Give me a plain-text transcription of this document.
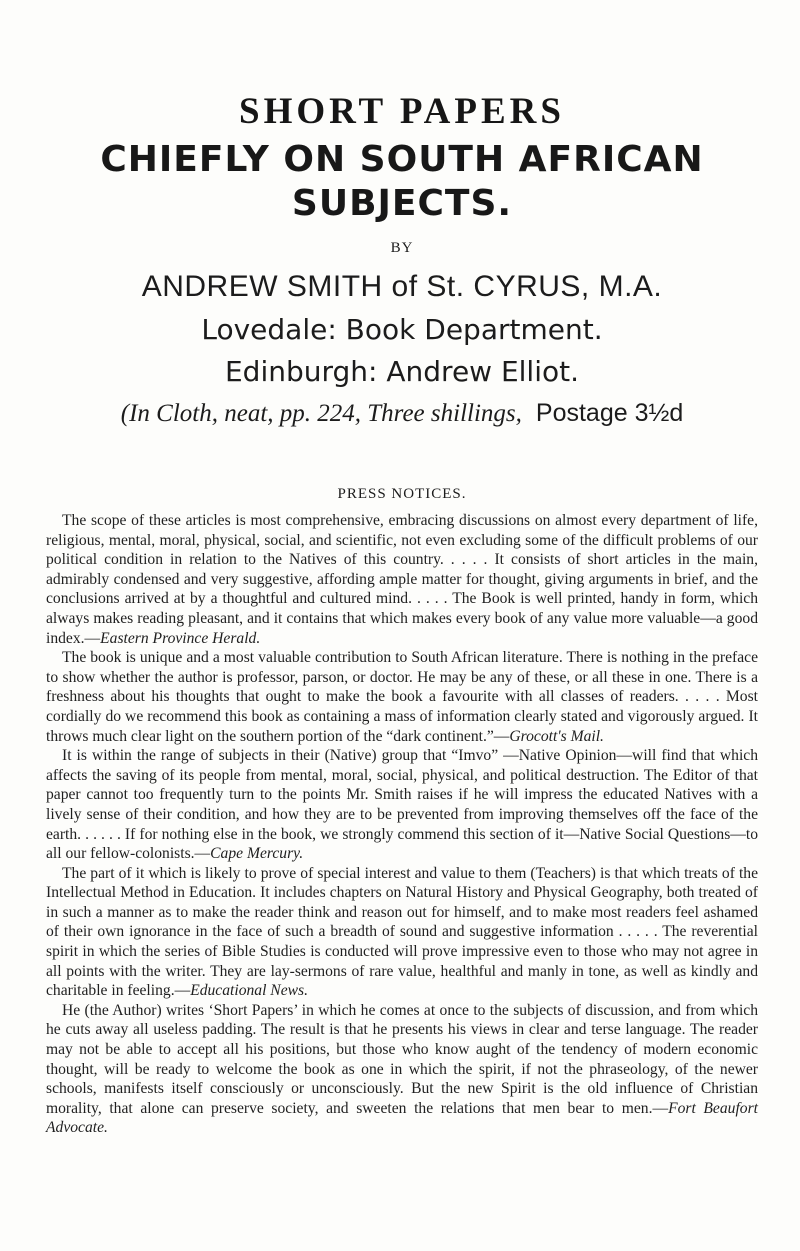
SHORT PAPERS
CHIEFLY ON SOUTH AFRICAN SUBJECTS.
BY
ANDREW SMITH of St. CYRUS, M.A.
Lovedale: Book Department.
Edinburgh: Andrew Elliot.
(In Cloth, neat, pp. 224, Three shillings, Postage 3½d
PRESS NOTICES.

The scope of these articles is most comprehensive, embracing discussions on almost every department of life, religious, mental, moral, physical, social, and scientific, not even excluding some of the difficult problems of our political condition in relation to the Natives of this country. . . . . It consists of short articles in the main, admirably condensed and very suggestive, affording ample matter for thought, giving arguments in brief, and the conclusions arrived at by a thoughtful and cultured mind. . . . . The Book is well printed, handy in form, which always makes reading pleasant, and it contains that which makes every book of any value more valuable—a good index.—Eastern Province Herald.

The book is unique and a most valuable contribution to South African literature. There is nothing in the preface to show whether the author is professor, parson, or doctor. He may be any of these, or all these in one. There is a freshness about his thoughts that ought to make the book a favourite with all classes of readers. . . . . Most cordially do we recommend this book as containing a mass of information clearly stated and vigorously argued. It throws much clear light on the southern portion of the “dark continent.”—Grocott's Mail.

It is within the range of subjects in their (Native) group that “Imvo” —Native Opinion—will find that which affects the saving of its people from mental, moral, social, physical, and political destruction. The Editor of that paper cannot too frequently turn to the points Mr. Smith raises if he will impress the educated Natives with a lively sense of their condition, and how they are to be prevented from improving themselves off the face of the earth. . . . . . If for nothing else in the book, we strongly commend this section of it—Native Social Questions—to all our fellow-colonists.—Cape Mercury.

The part of it which is likely to prove of special interest and value to them (Teachers) is that which treats of the Intellectual Method in Education. It includes chapters on Natural History and Physical Geography, both treated of in such a manner as to make the reader think and reason out for himself, and to make most readers feel ashamed of their own ignorance in the face of such a breadth of sound and suggestive information . . . . . The reverential spirit in which the series of Bible Studies is conducted will prove impressive even to those who may not agree in all points with the writer. They are lay-sermons of rare value, healthful and manly in tone, as well as kindly and charitable in feeling.—Educational News.

He (the Author) writes ‘Short Papers’ in which he comes at once to the subjects of discussion, and from which he cuts away all useless padding. The result is that he presents his views in clear and terse language. The reader may not be able to accept all his positions, but those who know aught of the tendency of modern economic thought, will be ready to welcome the book as one in which the spirit, if not the phraseology, of the newer schools, manifests itself consciously or unconsciously. But the new Spirit is the old influence of Christian morality, that alone can preserve society, and sweeten the relations that men bear to men.—Fort Beaufort Advocate.
